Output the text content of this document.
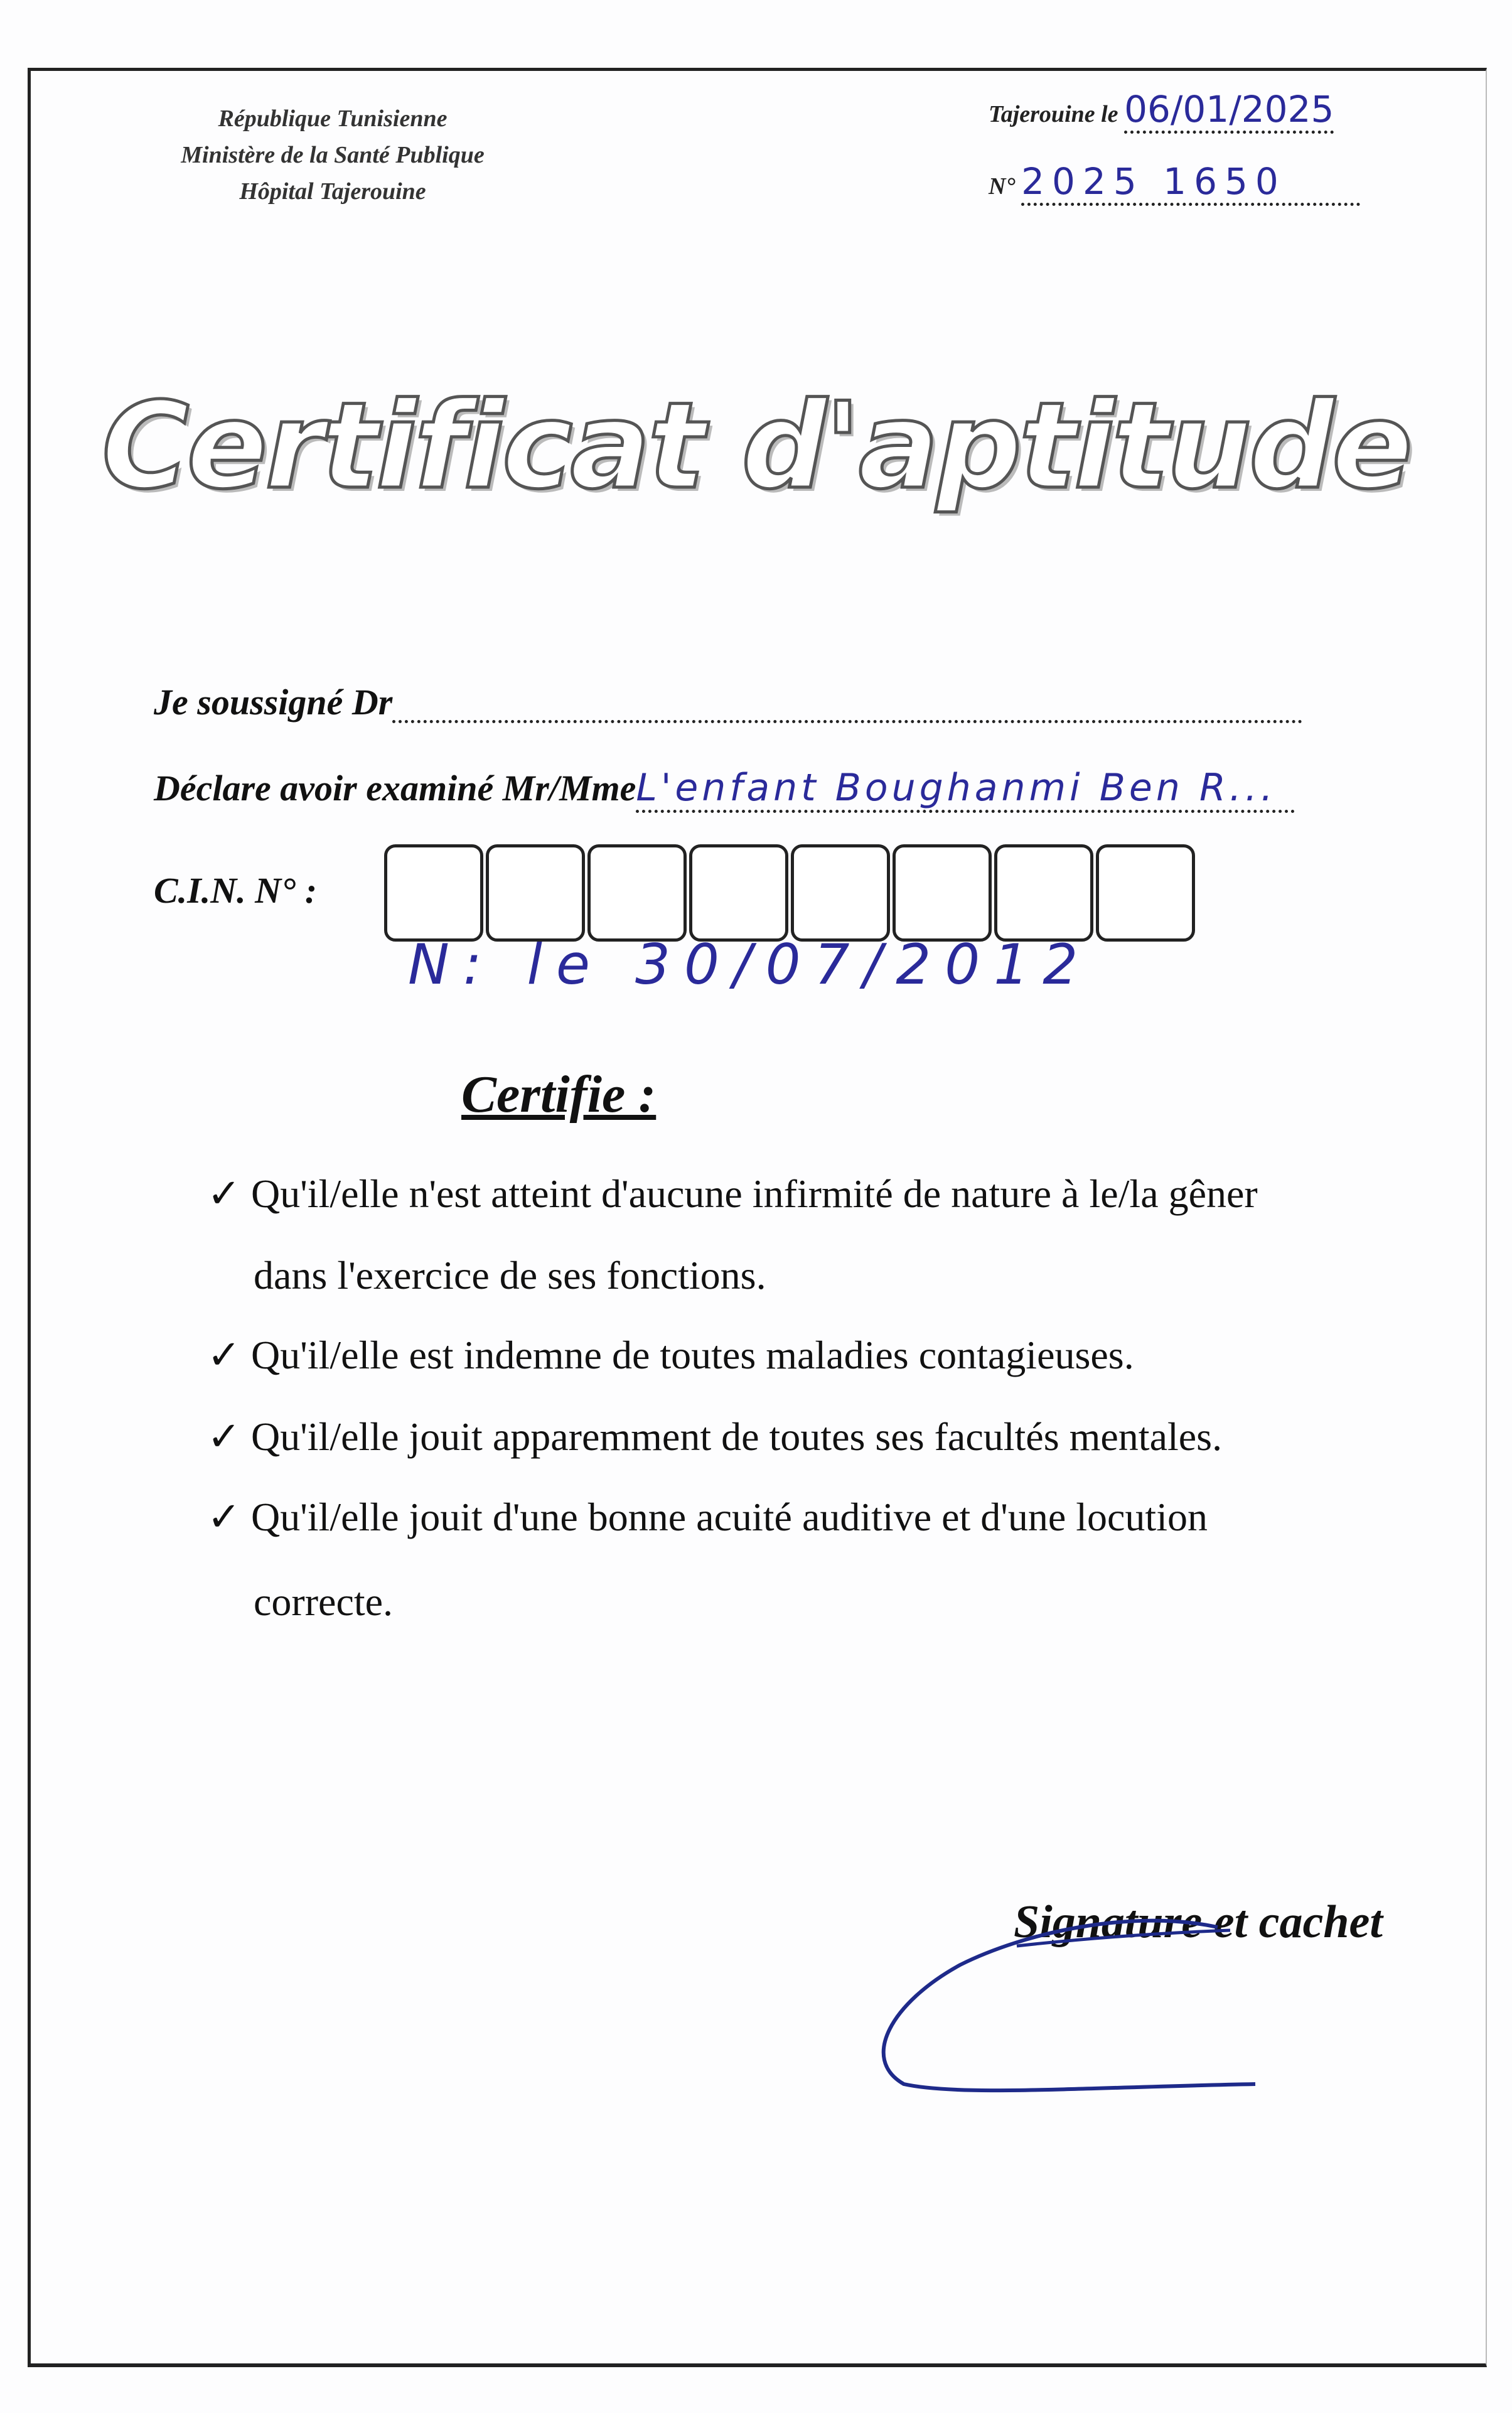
République Tunisienne
Ministère de la Santé Publique
Hôpital Tajerouine
Tajerouine le 06/01/2025
N° 2025 1650
Certificat d'aptitude
Je soussigné Dr
Déclare avoir examiné Mr/MmeL'enfant Boughanmi Ben R...
C.I.N. N° :
N: le 30/07/2012
Certifie :
✓ Qu'il/elle n'est atteint d'aucune infirmité de nature à le/la gêner
dans l'exercice de ses fonctions.
✓ Qu'il/elle est indemne de toutes maladies contagieuses.
✓ Qu'il/elle jouit apparemment de toutes ses facultés mentales.
✓ Qu'il/elle jouit d'une bonne acuité auditive et d'une locution
correcte.
Signature et cachet
